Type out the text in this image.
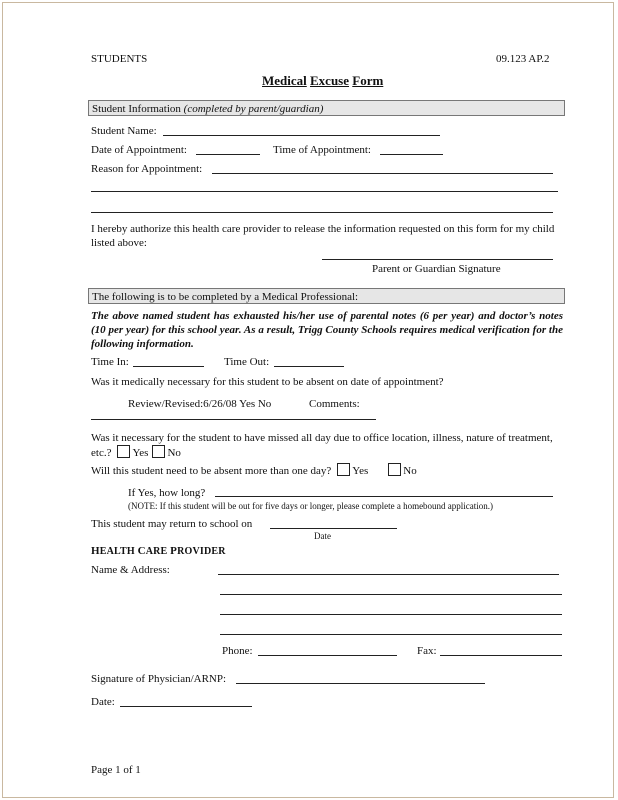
STUDENTS	09.123 AP.2
Medical Excuse Form
Student Information (completed by parent/guardian)
Student Name:
Date of Appointment:	Time of Appointment:
Reason for Appointment:
I hereby authorize this health care provider to release the information requested on this form for my child listed above:
Parent or Guardian Signature
The following is to be completed by a Medical Professional:
The above named student has exhausted his/her use of parental notes (6 per year) and doctor’s notes (10 per year) for this school year. As a result, Trigg County Schools requires medical verification for the following information.
Time In:	Time Out:
Was it medically necessary for this student to be absent on date of appointment?
Review/Revised:6/26/08 Yes No	Comments:
Was it necessary for the student to have missed all day due to office location, illness, nature of treatment, etc.? Yes No
Will this student need to be absent more than one day? Yes	No
If Yes, how long?
(NOTE: If this student will be out for five days or longer, please complete a homebound application.)
This student may return to school on
Date
HEALTH CARE PROVIDER
Name & Address:
Phone:	Fax:
Signature of Physician/ARNP:
Date:
Page 1 of 1
